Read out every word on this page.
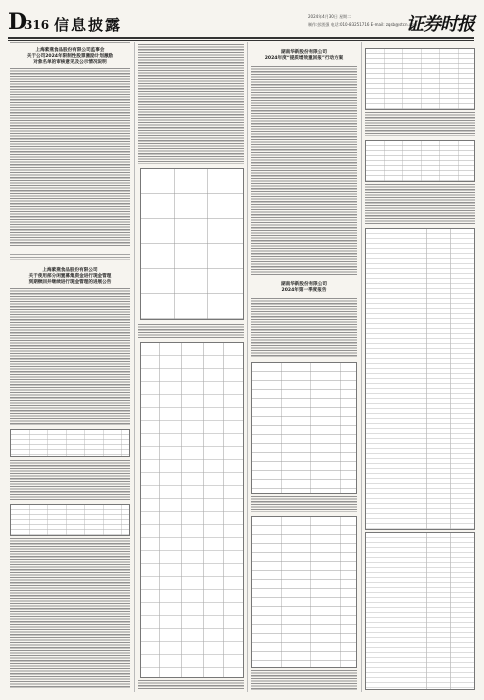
D
316 信息披露	2024年4月30日 星期二
制作:彭凯强 电话:010-83251716 E-mail: zqsb@stcn.com
证券时报
上海紫燕食品股份有限公司监事会
关于公司2024年限制性股票激励计划激励
对象名单的审核意见及公示情况说明
上海紫燕食品股份有限公司
关于使用部分闲置募集资金进行现金管理
到期赎回并继续进行现金管理的进展公告
湖南华新股份有限公司
2024年度“提质增效重回报”行动方案
湖南华新股份有限公司
2024年第一季度报告
